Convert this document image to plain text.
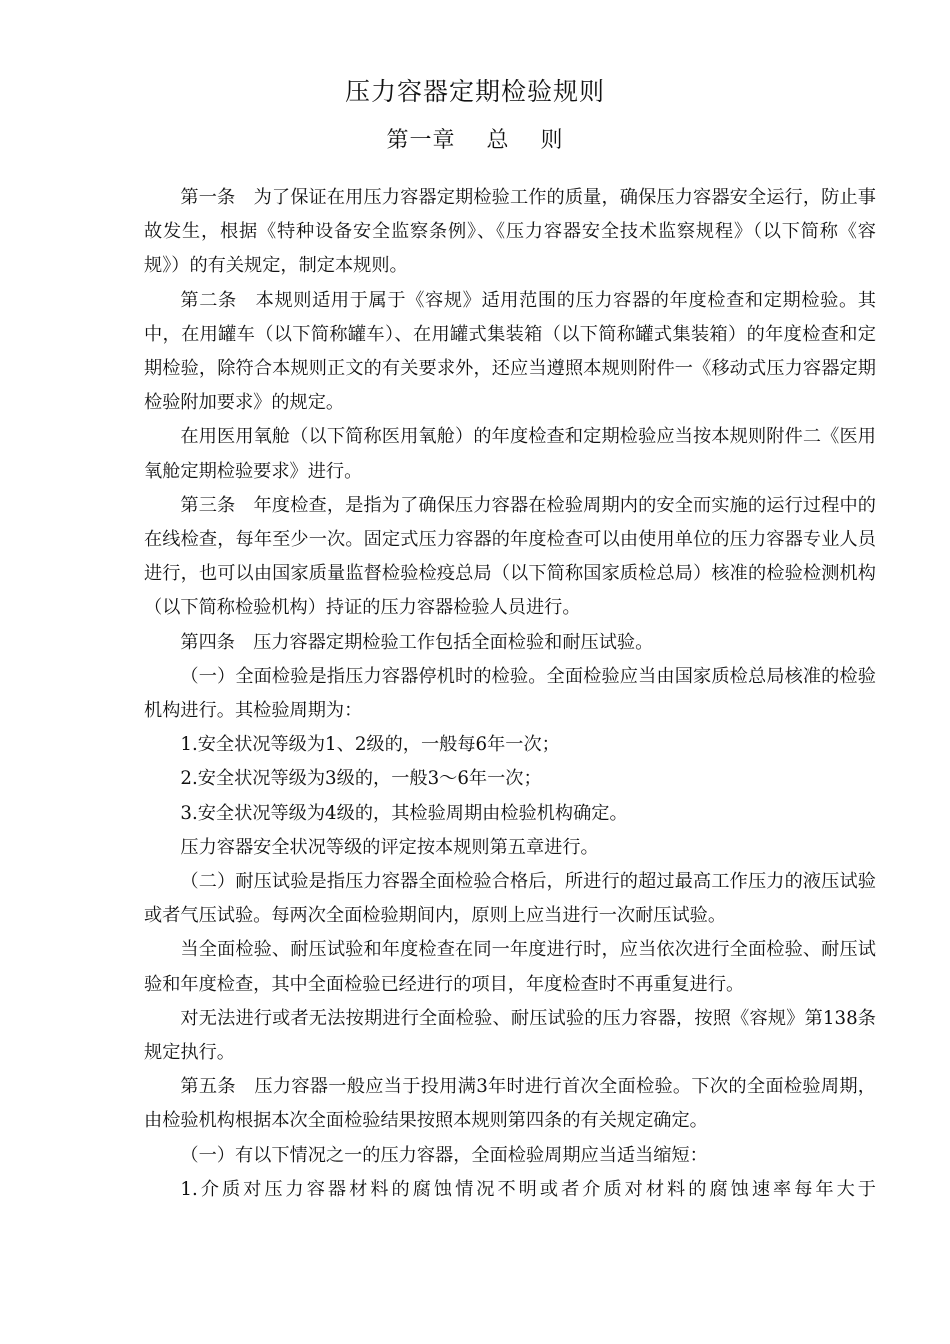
压力容器定期检验规则
第一章　 总　 则

第一条　为了保证在用压力容器定期检验工作的质量，确保压力容器安全运行，防止事故发生，根据《特种设备安全监察条例》、《压力容器安全技术监察规程》（以下简称《容规》）的有关规定，制定本规则。

第二条　本规则适用于属于《容规》适用范围的压力容器的年度检查和定期检验。其中，在用罐车（以下简称罐车）、在用罐式集装箱（以下简称罐式集装箱）的年度检查和定期检验，除符合本规则正文的有关要求外，还应当遵照本规则附件一《移动式压力容器定期检验附加要求》的规定。

在用医用氧舱（以下简称医用氧舱）的年度检查和定期检验应当按本规则附件二《医用氧舱定期检验要求》进行。

第三条　年度检查，是指为了确保压力容器在检验周期内的安全而实施的运行过程中的在线检查，每年至少一次。固定式压力容器的年度检查可以由使用单位的压力容器专业人员进行，也可以由国家质量监督检验检疫总局（以下简称国家质检总局）核准的检验检测机构（以下简称检验机构）持证的压力容器检验人员进行。

第四条　压力容器定期检验工作包括全面检验和耐压试验。

（一）全面检验是指压力容器停机时的检验。全面检验应当由国家质检总局核准的检验机构进行。其检验周期为：

1.安全状况等级为1、2级的，一般每6年一次；

2.安全状况等级为3级的，一般3～6年一次；

3.安全状况等级为4级的，其检验周期由检验机构确定。

压力容器安全状况等级的评定按本规则第五章进行。

（二）耐压试验是指压力容器全面检验合格后，所进行的超过最高工作压力的液压试验或者气压试验。每两次全面检验期间内，原则上应当进行一次耐压试验。

当全面检验、耐压试验和年度检查在同一年度进行时，应当依次进行全面检验、耐压试验和年度检查，其中全面检验已经进行的项目，年度检查时不再重复进行。

对无法进行或者无法按期进行全面检验、耐压试验的压力容器，按照《容规》第138条规定执行。

第五条　压力容器一般应当于投用满3年时进行首次全面检验。下次的全面检验周期，由检验机构根据本次全面检验结果按照本规则第四条的有关规定确定。

（一）有以下情况之一的压力容器，全面检验周期应当适当缩短：

1.介质对压力容器材料的腐蚀情况不明或者介质对材料的腐蚀速率每年大于
